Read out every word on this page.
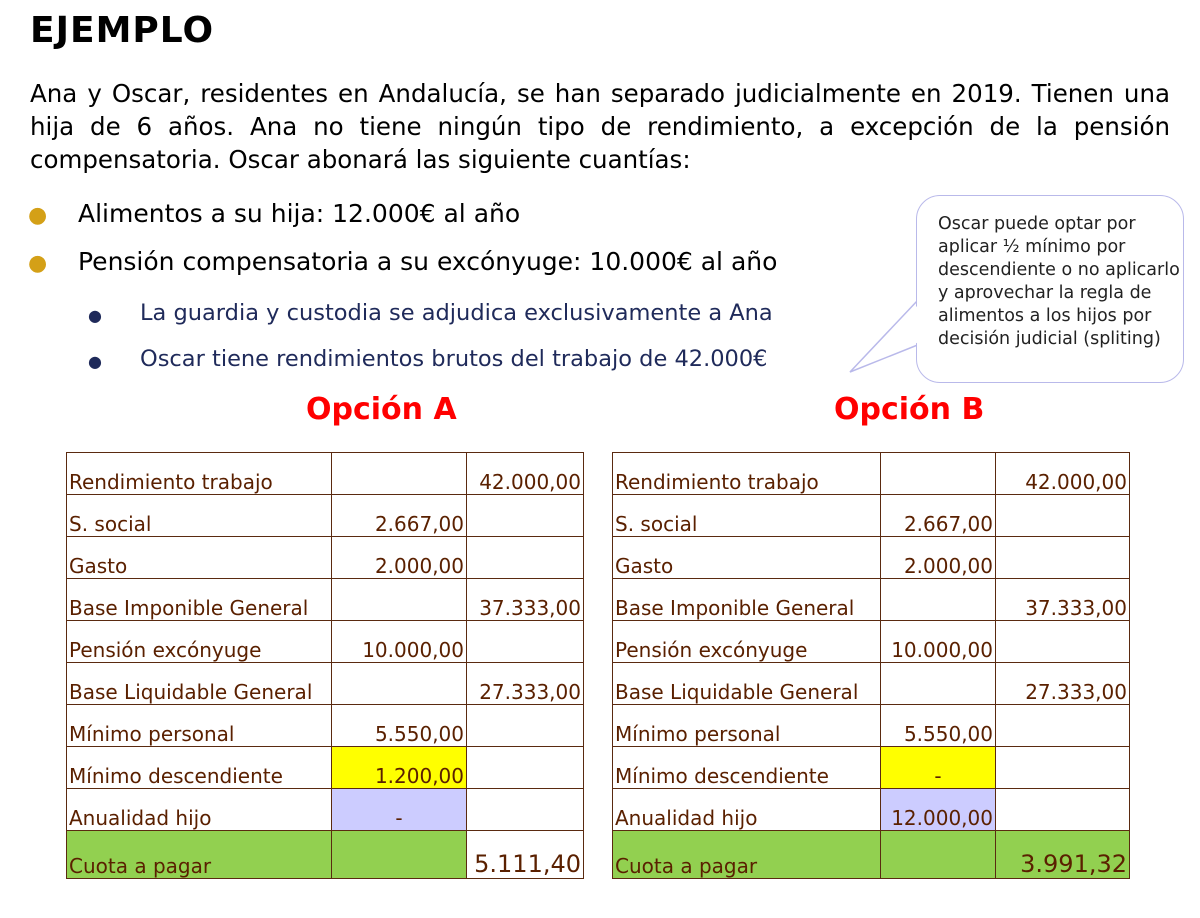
EJEMPLO
Ana y Oscar, residentes en Andalucía, se han separado judicialmente en 2019. Tienen una hija de 6 años. Ana no tiene ningún tipo de rendimiento, a excepción de la pensión compensatoria. Oscar abonará las siguiente cuantías:
● Alimentos a su hija: 12.000€ al año
● Pensión compensatoria a su excónyuge: 10.000€ al año
● La guardia y custodia se adjudica exclusivamente a Ana
● Oscar tiene rendimientos brutos del trabajo de 42.000€
Oscar puede optar por aplicar ½ mínimo por descendiente o no aplicarlo y aprovechar la regla de alimentos a los hijos por decisión judicial (spliting)
Opción A	Opción B
Rendimiento trabajo		42.000,00
S. social	2.667,00	
Gasto	2.000,00	
Base Imponible General		37.333,00
Pensión excónyuge	10.000,00	
Base Liquidable General		27.333,00
Mínimo personal	5.550,00	
Mínimo descendiente	1.200,00	
Anualidad hijo	-	
Cuota a pagar		5.111,40
Rendimiento trabajo		42.000,00
S. social	2.667,00	
Gasto	2.000,00	
Base Imponible General		37.333,00
Pensión excónyuge	10.000,00	
Base Liquidable General		27.333,00
Mínimo personal	5.550,00	
Mínimo descendiente	-	
Anualidad hijo	12.000,00	
Cuota a pagar		3.991,32
